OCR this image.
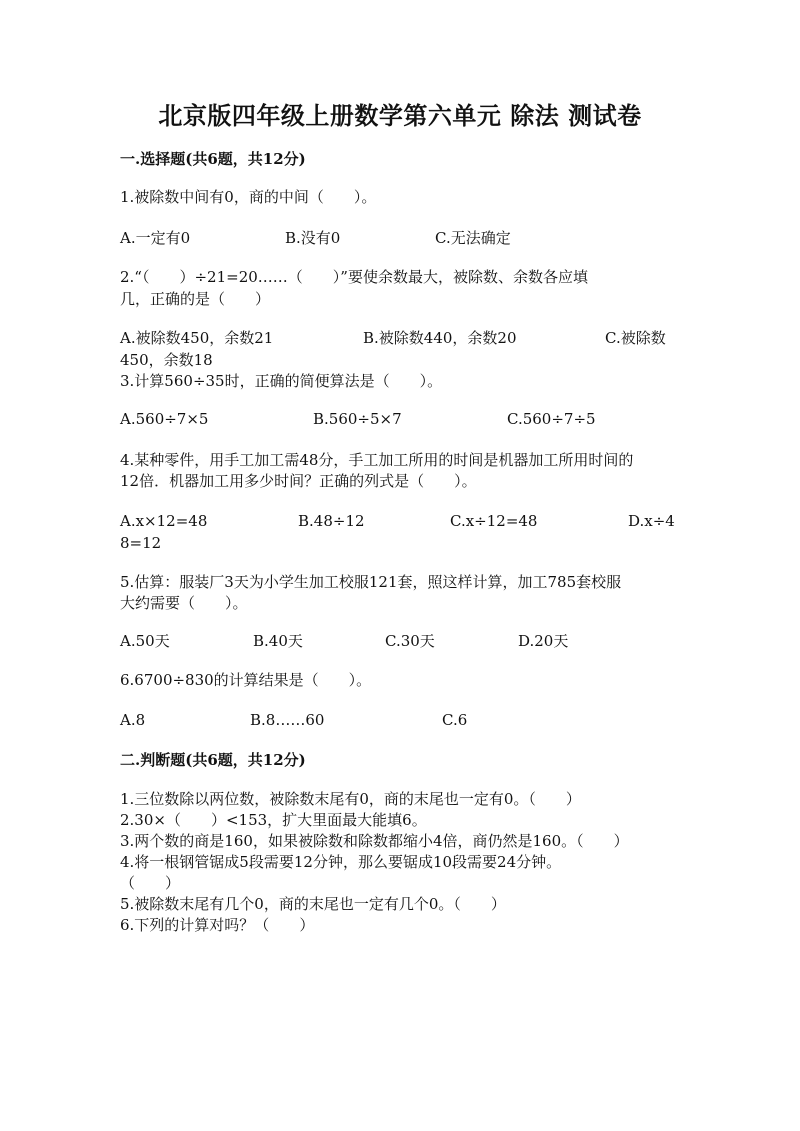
北京版四年级上册数学第六单元 除法 测试卷
一.选择题(共6题，共12分)
1.被除数中间有0，商的中间（　　）。
A.一定有0	B.没有0	C.无法确定
2.“（　　）÷21=20……（　　）”要使余数最大，被除数、余数各应填
几，正确的是（　　）
A.被除数450，余数21	B.被除数440，余数20	C.被除数
450，余数18
3.计算560÷35时，正确的简便算法是（　　）。
A.560÷7×5	B.560÷5×7	C.560÷7÷5
4.某种零件，用手工加工需48分，手工加工所用的时间是机器加工所用时间的
12倍．机器加工用多少时间？正确的列式是（　　）。
A.x×12=48	B.48÷12	C.x÷12=48	D.x÷4
8=12
5.估算：服装厂3天为小学生加工校服121套，照这样计算，加工785套校服
大约需要（　　）。
A.50天	B.40天	C.30天	D.20天
6.6700÷830的计算结果是（　　）。
A.8	B.8……60	C.6
二.判断题(共6题，共12分)
1.三位数除以两位数，被除数末尾有0，商的末尾也一定有0。（　　）
2.30×（　　）<153，扩大里面最大能填6。
3.两个数的商是160，如果被除数和除数都缩小4倍，商仍然是160。（　　）
4.将一根钢管锯成5段需要12分钟，那么要锯成10段需要24分钟。
（　　）
5.被除数末尾有几个0，商的末尾也一定有几个0。（　　）
6.下列的计算对吗？（　　）
